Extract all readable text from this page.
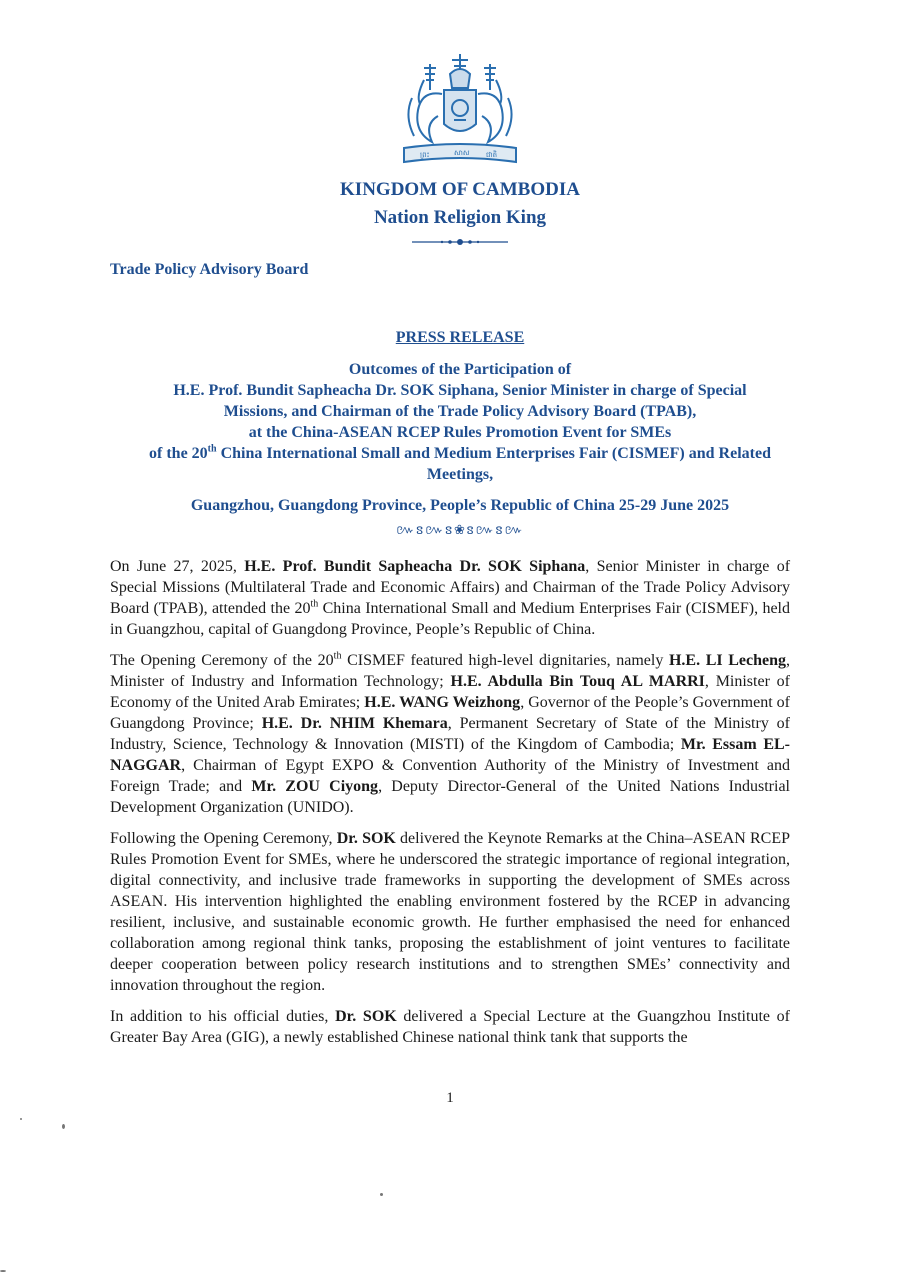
ព្រះ	សាស ជាតិ
KINGDOM OF CAMBODIA
Nation Religion King
Trade Policy Advisory Board
PRESS RELEASE
Outcomes of the Participation of
H.E. Prof. Bundit Sapheacha Dr. SOK Siphana, Senior Minister in charge of Special
Missions, and Chairman of the Trade Policy Advisory Board (TPAB),
at the China-ASEAN RCEP Rules Promotion Event for SMEs
of the 20th China International Small and Medium Enterprises Fair (CISMEF) and Related
Meetings,
Guangzhou, Guangdong Province, People’s Republic of China 25-29 June 2025
៚ៜ៚ៜ❀ៜ៚ៜ៚

On June 27, 2025, H.E. Prof. Bundit Sapheacha Dr. SOK Siphana, Senior Minister in charge of Special Missions (Multilateral Trade and Economic Affairs) and Chairman of the Trade Policy Advisory Board (TPAB), attended the 20th China International Small and Medium Enterprises Fair (CISMEF), held in Guangzhou, capital of Guangdong Province, People’s Republic of China.

The Opening Ceremony of the 20th CISMEF featured high-level dignitaries, namely H.E. LI Lecheng, Minister of Industry and Information Technology; H.E. Abdulla Bin Touq AL MARRI, Minister of Economy of the United Arab Emirates; H.E. WANG Weizhong, Governor of the People’s Government of Guangdong Province; H.E. Dr. NHIM Khemara, Permanent Secretary of State of the Ministry of Industry, Science, Technology & Innovation (MISTI) of the Kingdom of Cambodia; Mr. Essam EL-NAGGAR, Chairman of Egypt EXPO & Convention Authority of the Ministry of Investment and Foreign Trade; and Mr. ZOU Ciyong, Deputy Director-General of the United Nations Industrial Development Organization (UNIDO).

Following the Opening Ceremony, Dr. SOK delivered the Keynote Remarks at the China–ASEAN RCEP Rules Promotion Event for SMEs, where he underscored the strategic importance of regional integration, digital connectivity, and inclusive trade frameworks in supporting the development of SMEs across ASEAN. His intervention highlighted the enabling environment fostered by the RCEP in advancing resilient, inclusive, and sustainable economic growth. He further emphasised the need for enhanced collaboration among regional think tanks, proposing the establishment of joint ventures to facilitate deeper cooperation between policy research institutions and to strengthen SMEs’ connectivity and innovation throughout the region.

In addition to his official duties, Dr. SOK delivered a Special Lecture at the Guangzhou Institute of Greater Bay Area (GIG), a newly established Chinese national think tank that supports the

1
